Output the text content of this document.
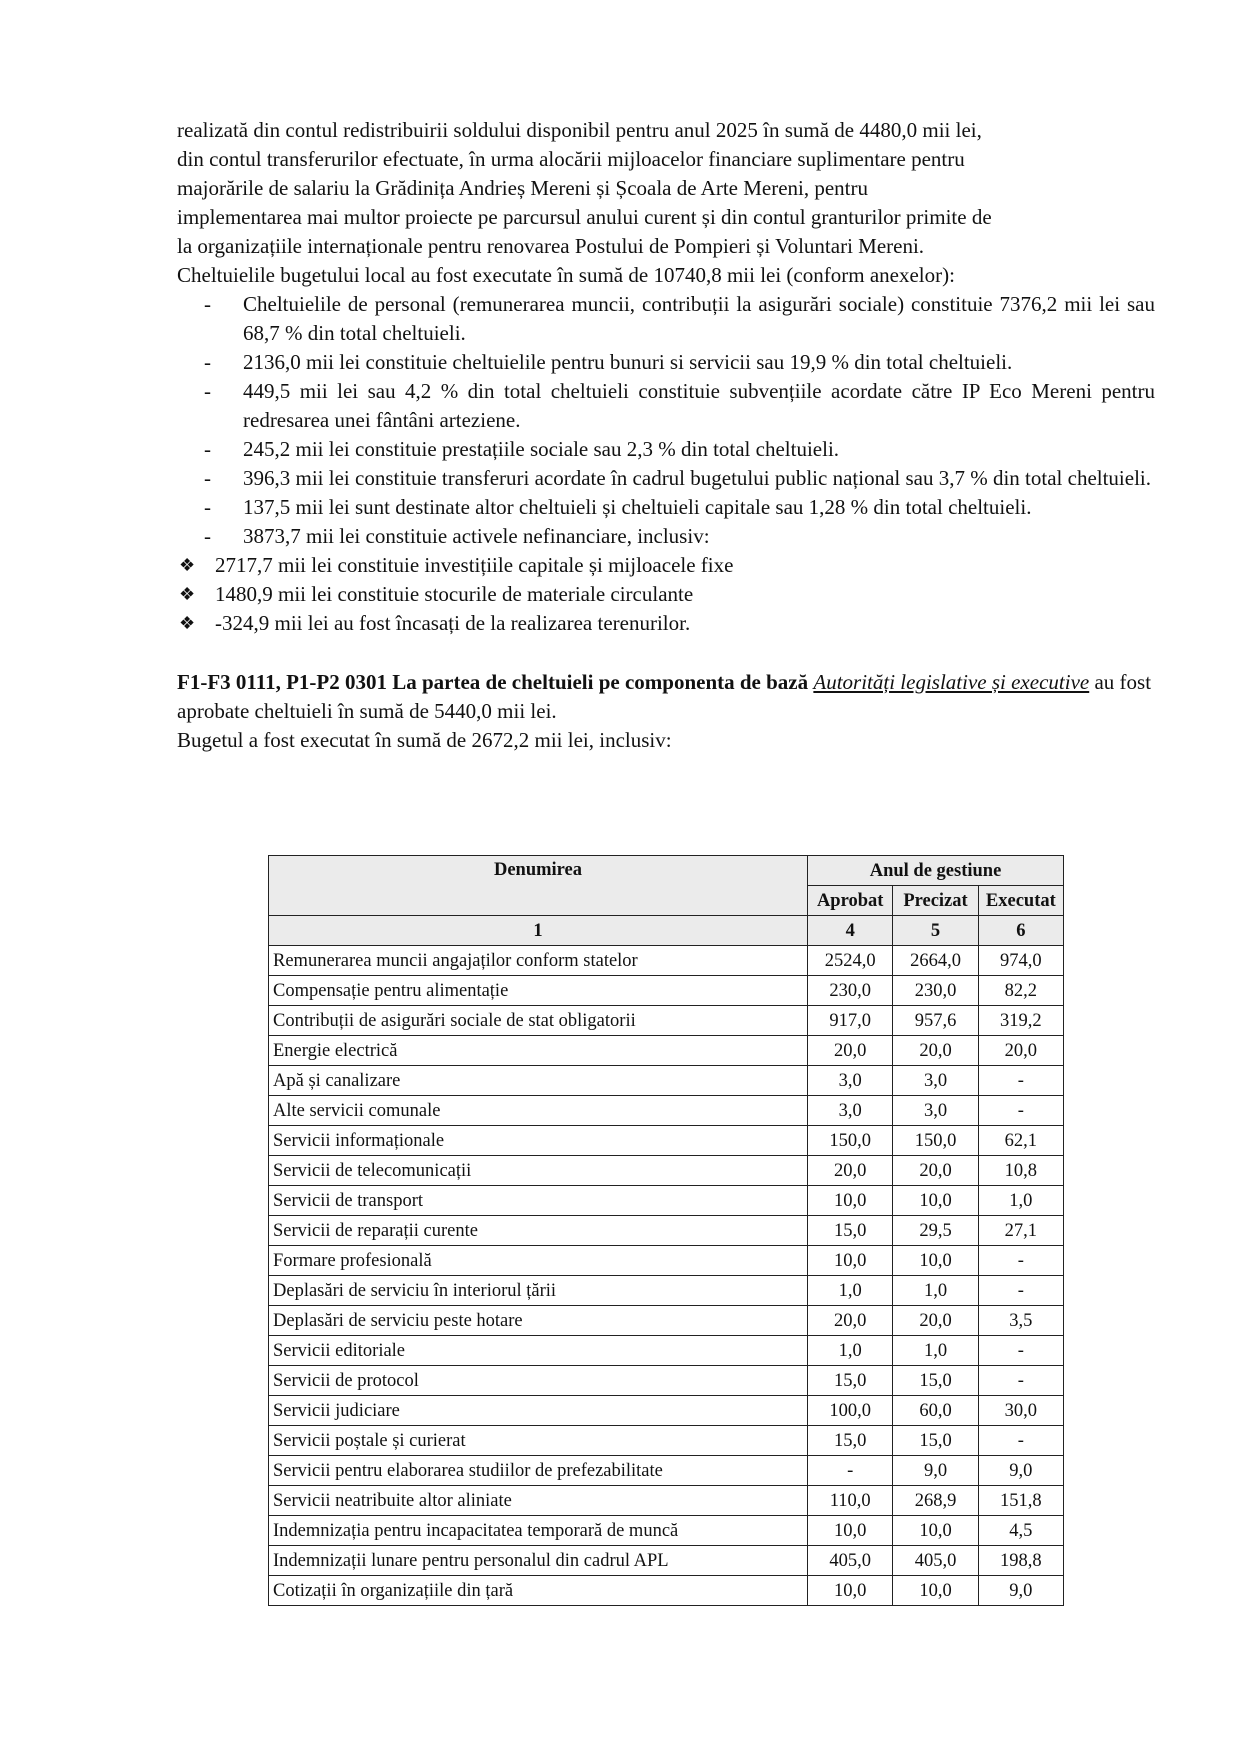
realizată din contul redistribuirii soldului disponibil pentru anul 2025 în sumă de 4480,0 mii lei,

din contul transferurilor efectuate, în urma alocării mijloacelor financiare suplimentare pentru

majorările de salariu la Grădinița Andrieș Mereni și Școala de Arte Mereni, pentru

implementarea mai multor proiecte pe parcursul anului curent și din contul granturilor primite de

la organizațiile internaționale pentru renovarea Postului de Pompieri și Voluntari Mereni.

Cheltuielile bugetului local au fost executate în sumă de 10740,8 mii lei (conform anexelor):

- Cheltuielile de personal (remunerarea muncii, contribuții la asigurări sociale) constituie 7376,2 mii lei sau 68,7 % din total cheltuieli.
- 2136,0 mii lei constituie cheltuielile pentru bunuri si servicii sau 19,9 % din total cheltuieli.
- 449,5 mii lei sau 4,2 % din total cheltuieli constituie subvențiile acordate către IP Eco Mereni pentru redresarea unei fântâni arteziene.
- 245,2 mii lei constituie prestațiile sociale sau 2,3 % din total cheltuieli.
- 396,3 mii lei constituie transferuri acordate în cadrul bugetului public național sau 3,7 % din total cheltuieli.
- 137,5 mii lei sunt destinate altor cheltuieli și cheltuieli capitale sau 1,28 % din total cheltuieli.
- 3873,7 mii lei constituie activele nefinanciare, inclusiv:
❖ 2717,7 mii lei constituie investițiile capitale și mijloacele fixe
❖ 1480,9 mii lei constituie stocurile de materiale circulante
❖ -324,9 mii lei au fost încasați de la realizarea terenurilor.

F1-F3 0111, P1-P2 0301 La partea de cheltuieli pe componenta de bază Autorități legislative și executive au fost aprobate cheltuieli în sumă de 5440,0 mii lei.

Bugetul a fost executat în sumă de 2672,2 mii lei, inclusiv:

Denumirea	Anul de gestiune		
	Aprobat	Precizat	Executat
1	4	5	6
Remunerarea muncii angajaților conform statelor	2524,0	2664,0	974,0
Compensație pentru alimentație	230,0	230,0	82,2
Contribuții de asigurări sociale de stat obligatorii	917,0	957,6	319,2
Energie electrică	20,0	20,0	20,0
Apă și canalizare	3,0	3,0	-
Alte servicii comunale	3,0	3,0	-
Servicii informaționale	150,0	150,0	62,1
Servicii de telecomunicații	20,0	20,0	10,8
Servicii de transport	10,0	10,0	1,0
Servicii de reparații curente	15,0	29,5	27,1
Formare profesională	10,0	10,0	-
Deplasări de serviciu în interiorul țării	1,0	1,0	-
Deplasări de serviciu peste hotare	20,0	20,0	3,5
Servicii editoriale	1,0	1,0	-
Servicii de protocol	15,0	15,0	-
Servicii judiciare	100,0	60,0	30,0
Servicii poștale și curierat	15,0	15,0	-
Servicii pentru elaborarea studiilor de prefezabilitate	-	9,0	9,0
Servicii neatribuite altor aliniate	110,0	268,9	151,8
Indemnizația pentru incapacitatea temporară de muncă	10,0	10,0	4,5
Indemnizații lunare pentru personalul din cadrul APL	405,0	405,0	198,8
Cotizații în organizațiile din țară	10,0	10,0	9,0
